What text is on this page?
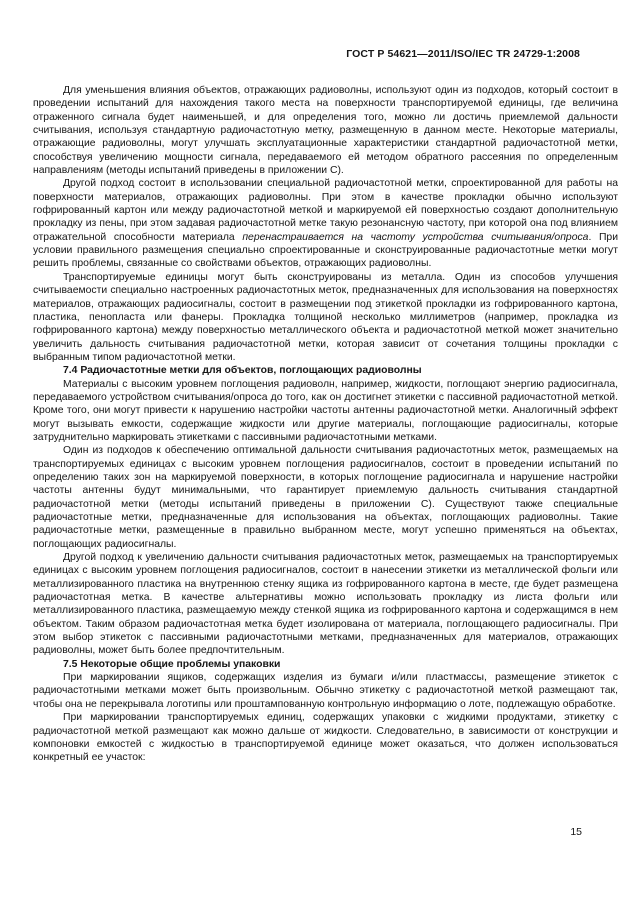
ГОСТ Р 54621—2011/ISO/IEC TR 24729-1:2008

Для уменьшения влияния объектов, отражающих радиоволны, используют один из подходов, который состоит в проведении испытаний для нахождения такого места на поверхности транспортируемой единицы, где величина отраженного сигнала будет наименьшей, и для определения того, можно ли достичь приемлемой дальности считывания, используя стандартную радиочастотную метку, размещенную в данном месте. Некоторые материалы, отражающие радиоволны, могут улучшать эксплуатационные характеристики стандартной радиочастотной метки, способствуя увеличению мощности сигнала, передаваемого ей методом обратного рассеяния по определенным направлениям (методы испытаний приведены в приложении С).

Другой подход состоит в использовании специальной радиочастотной метки, спроектированной для работы на поверхности материалов, отражающих радиоволны. При этом в качестве прокладки обычно используют гофрированный картон или между радиочастотной меткой и маркируемой ей поверхностью создают дополнительную прокладку из пены, при этом задавая радиочастотной метке такую резонансную частоту, при которой она под влиянием отражательной способности материала перенастраивается на частоту устройства считывания/опроса. При условии правильного размещения специально спроектированные и сконструированные радиочастотные метки могут решить проблемы, связанные со свойствами объектов, отражающих радиоволны.

Транспортируемые единицы могут быть сконструированы из металла. Один из способов улучшения считываемости специально настроенных радиочастотных меток, предназначенных для использования на поверхностях материалов, отражающих радиосигналы, состоит в размещении под этикеткой прокладки из гофрированного картона, пластика, пенопласта или фанеры. Прокладка толщиной несколько миллиметров (например, прокладка из гофрированного картона) между поверхностью металлического объекта и радиочастотной меткой может значительно увеличить дальность считывания радиочастотной метки, которая зависит от сочетания толщины прокладки с выбранным типом радиочастотной метки.

7.4 Радиочастотные метки для объектов, поглощающих радиоволны

Материалы с высоким уровнем поглощения радиоволн, например, жидкости, поглощают энергию радиосигнала, передаваемого устройством считывания/опроса до того, как он достигнет этикетки с пассивной радиочастотной меткой. Кроме того, они могут привести к нарушению настройки частоты антенны радиочастотной метки. Аналогичный эффект могут вызывать емкости, содержащие жидкости или другие материалы, поглощающие радиосигналы, которые затруднительно маркировать этикетками с пассивными радиочастотными метками.

Один из подходов к обеспечению оптимальной дальности считывания радиочастотных меток, размещаемых на транспортируемых единицах с высоким уровнем поглощения радиосигналов, состоит в проведении испытаний по определению таких зон на маркируемой поверхности, в которых поглощение радиосигнала и нарушение настройки частоты антенны будут минимальными, что гарантирует приемлемую дальность считывания стандартной радиочастотной метки (методы испытаний приведены в приложении С). Существуют также специальные радиочастотные метки, предназначенные для использования на объектах, поглощающих радиоволны. Такие радиочастотные метки, размещенные в правильно выбранном месте, могут успешно применяться на объектах, поглощающих радиосигналы.

Другой подход к увеличению дальности считывания радиочастотных меток, размещаемых на транспортируемых единицах с высоким уровнем поглощения радиосигналов, состоит в нанесении этикетки из металлической фольги или металлизированного пластика на внутреннюю стенку ящика из гофрированного картона в месте, где будет размещена радиочастотная метка. В качестве альтернативы можно использовать прокладку из листа фольги или металлизированного пластика, размещаемую между стенкой ящика из гофрированного картона и содержащимся в нем объектом. Таким образом радиочастотная метка будет изолирована от материала, поглощающего радиосигналы. При этом выбор этикеток с пассивными радиочастотными метками, предназначенных для материалов, отражающих радиоволны, может быть более предпочтительным.

7.5 Некоторые общие проблемы упаковки

При маркировании ящиков, содержащих изделия из бумаги и/или пластмассы, размещение этикеток с радиочастотными метками может быть произвольным. Обычно этикетку с радиочастотной меткой размещают так, чтобы она не перекрывала логотипы или проштампованную контрольную информацию о лоте, подлежащую обработке.

При маркировании транспортируемых единиц, содержащих упаковки с жидкими продуктами, этикетку с радиочастотной меткой размещают как можно дальше от жидкости. Следовательно, в зависимости от конструкции и компоновки емкостей с жидкостью в транспортируемой единице может оказаться, что должен использоваться конкретный ее участок:

15
